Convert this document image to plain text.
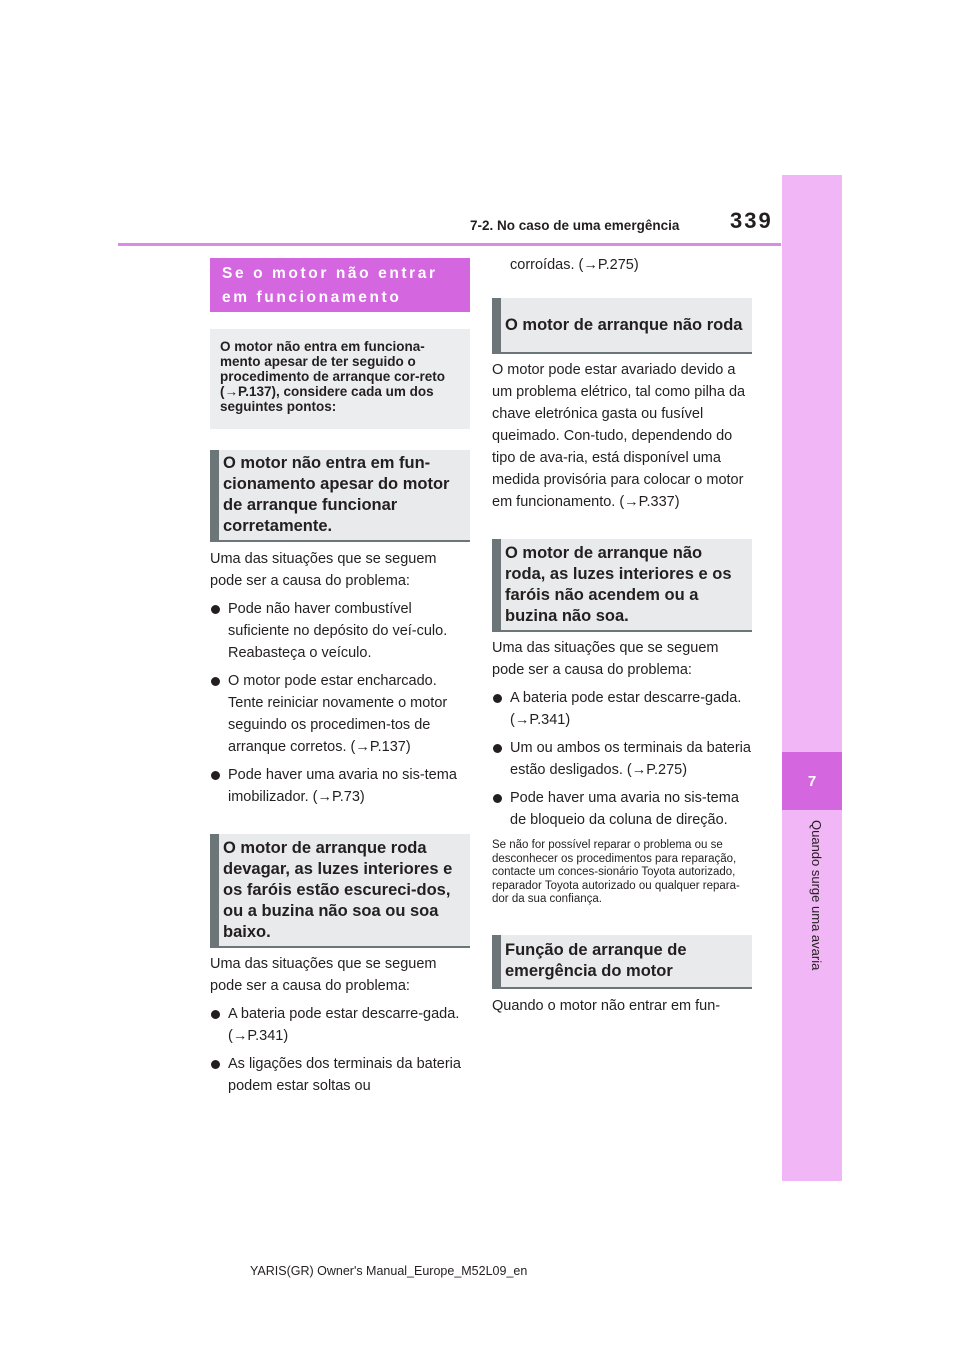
7-2. No caso de uma emergência 339
7
Quando surge uma avaria
Se o motor não entrar em funcionamento
O motor não entra em funciona-mento apesar de ter seguido o procedimento de arranque cor-reto (→P.137), considere cada um dos seguintes pontos:
O motor não entra em fun-cionamento apesar do motor de arranque funcionar corretamente.
Uma das situações que se seguem pode ser a causa do problema:
Pode não haver combustível suficiente no depósito do veí-culo. Reabasteça o veículo.
O motor pode estar encharcado. Tente reiniciar novamente o motor seguindo os procedimen-tos de arranque corretos. (→P.137)
Pode haver uma avaria no sis-tema imobilizador. (→P.73)
O motor de arranque roda devagar, as luzes interiores e os faróis estão escureci-dos, ou a buzina não soa ou soa baixo.
Uma das situações que se seguem pode ser a causa do problema:
A bateria pode estar descarre-gada. (→P.341)
As ligações dos terminais da bateria podem estar soltas ou
corroídas. (→P.275)
O motor de arranque não roda
O motor pode estar avariado devido a um problema elétrico, tal como pilha da chave eletrónica gasta ou fusível queimado. Con-tudo, dependendo do tipo de ava-ria, está disponível uma medida provisória para colocar o motor em funcionamento. (→P.337)
O motor de arranque não roda, as luzes interiores e os faróis não acendem ou a buzina não soa.
Uma das situações que se seguem pode ser a causa do problema:
A bateria pode estar descarre-gada. (→P.341)
Um ou ambos os terminais da bateria estão desligados. (→P.275)
Pode haver uma avaria no sis-tema de bloqueio da coluna de direção.
Se não for possível reparar o problema ou se desconhecer os procedimentos para reparação, contacte um conces-sionário Toyota autorizado, reparador Toyota autorizado ou qualquer repara-dor da sua confiança.
Função de arranque de emergência do motor
Quando o motor não entrar em fun-
YARIS(GR) Owner's Manual_Europe_M52L09_en
